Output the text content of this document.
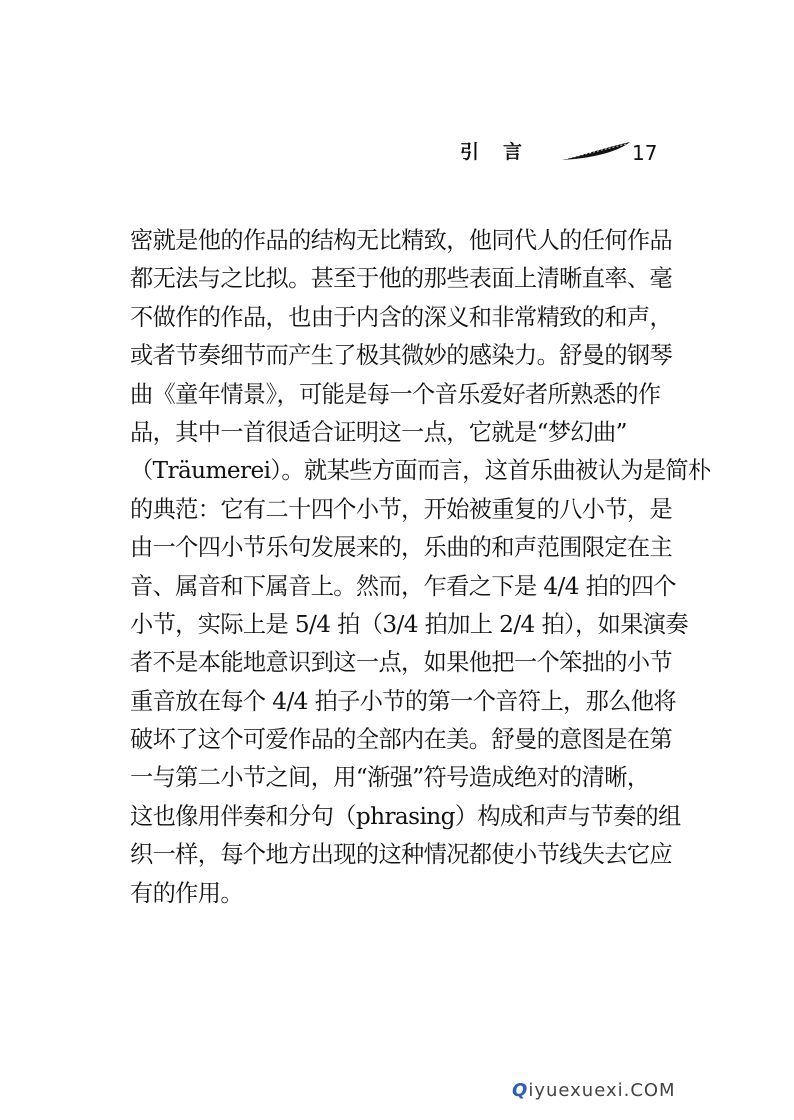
引言	17
密就是他的作品的结构无比精致，他同代人的任何作品
都无法与之比拟。甚至于他的那些表面上清晰直率、毫
不做作的作品，也由于内含的深义和非常精致的和声，
或者节奏细节而产生了极其微妙的感染力。舒曼的钢琴
曲《童年情景》，可能是每一个音乐爱好者所熟悉的作
品，其中一首很适合证明这一点，它就是“梦幻曲”
（Träumerei）。就某些方面而言，这首乐曲被认为是简朴
的典范：它有二十四个小节，开始被重复的八小节，是
由一个四小节乐句发展来的，乐曲的和声范围限定在主
音、属音和下属音上。然而，乍看之下是 4/4 拍的四个
小节，实际上是 5/4 拍（3/4 拍加上 2/4 拍），如果演奏
者不是本能地意识到这一点，如果他把一个笨拙的小节
重音放在每个 4/4 拍子小节的第一个音符上，那么他将
破坏了这个可爱作品的全部内在美。舒曼的意图是在第
一与第二小节之间，用“渐强”符号造成绝对的清晰，
这也像用伴奏和分句（phrasing）构成和声与节奏的组
织一样，每个地方出现的这种情况都使小节线失去它应
有的作用。
Qiyuexuexi.COM
